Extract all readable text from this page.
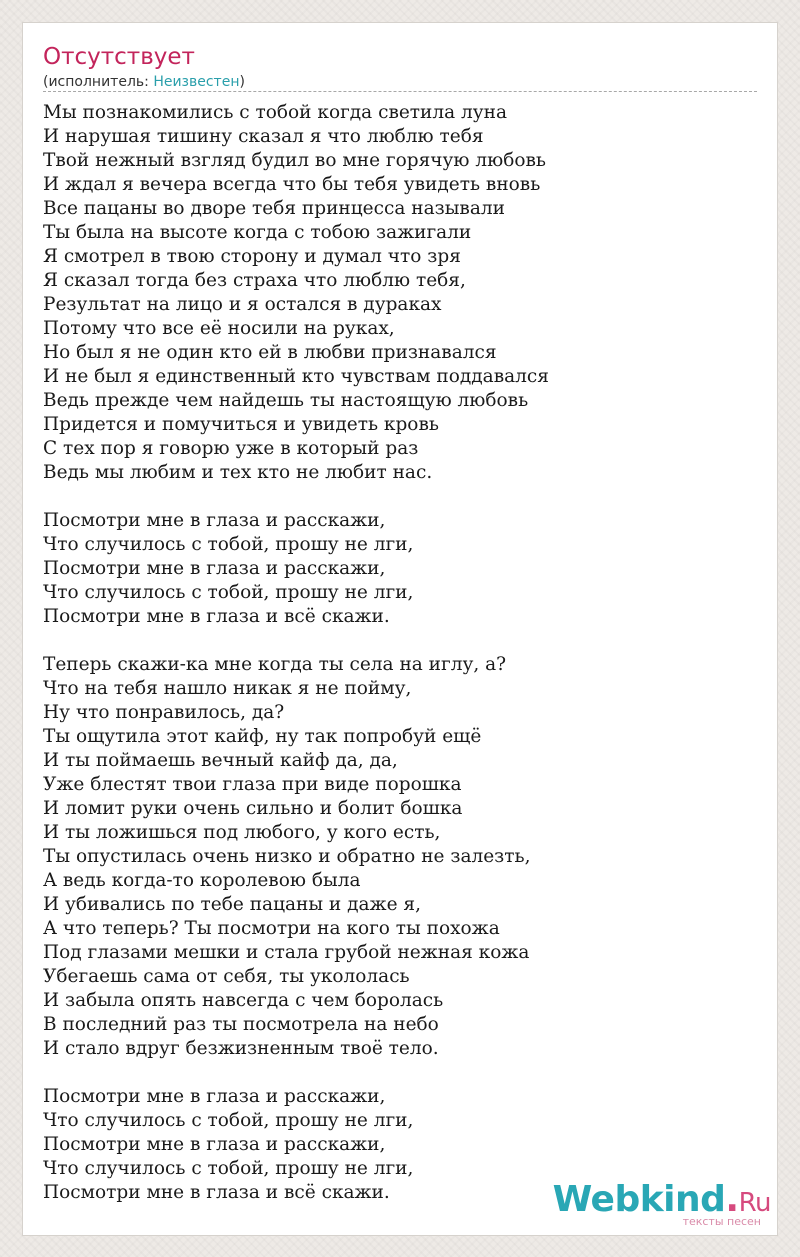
Отсутствует
(исполнитель: Неизвестен)
Мы познакомились с тобой когда светила луна
И нарушая тишину сказал я что люблю тебя
Твой нежный взгляд будил во мне горячую любовь
И ждал я вечера всегда что бы тебя увидеть вновь
Все пацаны во дворе тебя принцесса называли
Ты была на высоте когда с тобою зажигали
Я смотрел в твою сторону и думал что зря
Я сказал тогда без страха что люблю тебя,
Результат на лицо и я остался в дураках
Потому что все её носили на руках,
Но был я не один кто ей в любви признавался
И не был я единственный кто чувствам поддавался
Ведь прежде чем найдешь ты настоящую любовь
Придется и помучиться и увидеть кровь
С тех пор я говорю уже в который раз
Ведь мы любим и тех кто не любит нас.
Посмотри мне в глаза и расскажи,
Что случилось с тобой, прошу не лги,
Посмотри мне в глаза и расскажи,
Что случилось с тобой, прошу не лги,
Посмотри мне в глаза и всё скажи.
Теперь скажи-ка мне когда ты села на иглу, а?
Что на тебя нашло никак я не пойму,
Ну что понравилось, да?
Ты ощутила этот кайф, ну так попробуй ещё
И ты поймаешь вечный кайф да, да,
Уже блестят твои глаза при виде порошка
И ломит руки очень сильно и болит бошка
И ты ложишься под любого, у кого есть,
Ты опустилась очень низко и обратно не залезть,
А ведь когда-то королевою была
И убивались по тебе пацаны и даже я,
А что теперь? Ты посмотри на кого ты похожа
Под глазами мешки и стала грубой нежная кожа
Убегаешь сама от себя, ты укололась
И забыла опять навсегда с чем боролась
В последний раз ты посмотрела на небо
И стало вдруг безжизненным твоё тело.
Посмотри мне в глаза и расскажи,
Что случилось с тобой, прошу не лги,
Посмотри мне в глаза и расскажи,
Что случилось с тобой, прошу не лги,
Посмотри мне в глаза и всё скажи.	Webkind.Ru
тексты песен
